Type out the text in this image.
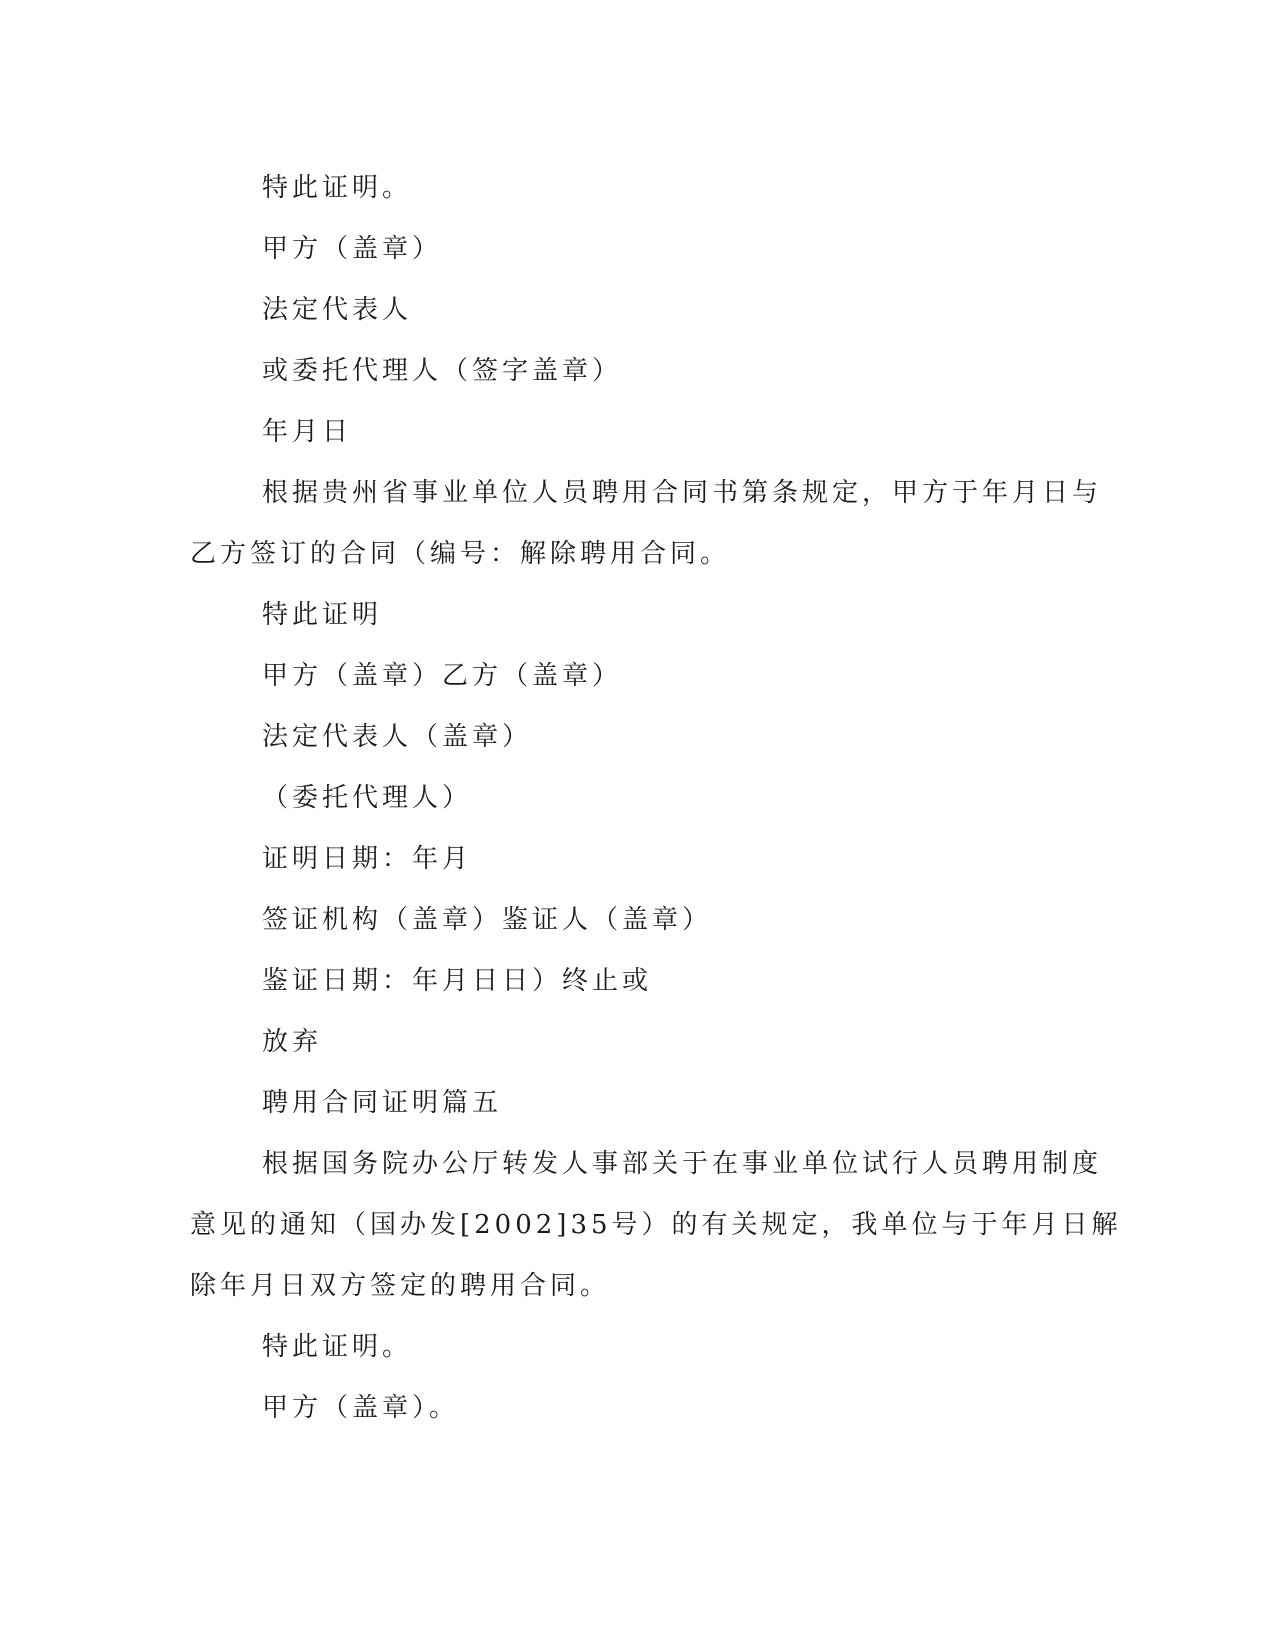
特此证明。

甲方（盖章）

法定代表人

或委托代理人（签字盖章）

年月日

根据贵州省事业单位人员聘用合同书第条规定，甲方于年月日与

乙方签订的合同（编号：解除聘用合同。

特此证明

甲方（盖章）乙方（盖章）

法定代表人（盖章）

（委托代理人）

证明日期：年月

签证机构（盖章）鉴证人（盖章）

鉴证日期：年月日日）终止或

放弃

聘用合同证明篇五

根据国务院办公厅转发人事部关于在事业单位试行人员聘用制度

意见的通知（国办发[2002]35号）的有关规定，我单位与于年月日解

除年月日双方签定的聘用合同。

特此证明。

甲方（盖章）。
